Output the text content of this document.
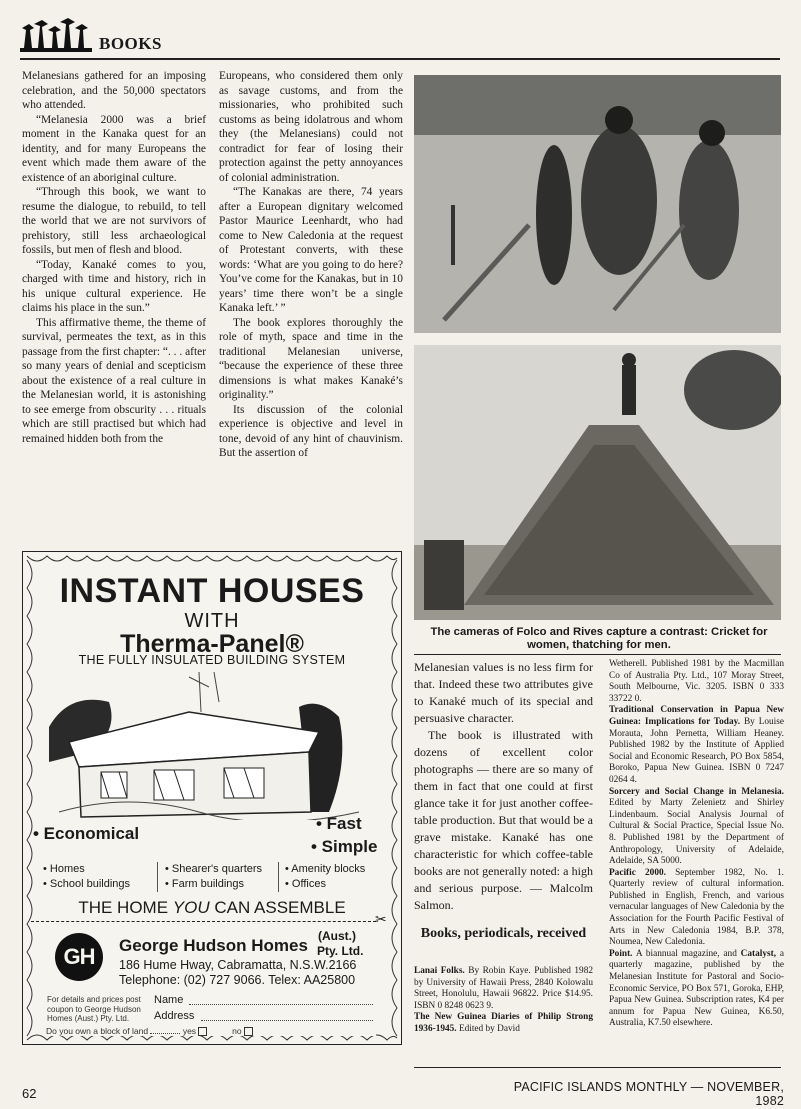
BOOKS

Melanesians gathered for an imposing celebration, and the 50,000 spectators who attended.

“Melanesia 2000 was a brief moment in the Kanaka quest for an identity, and for many Europeans the event which made them aware of the existence of an aboriginal culture.

“Through this book, we want to resume the dialogue, to rebuild, to tell the world that we are not survivors of prehistory, still less archaeological fossils, but men of flesh and blood.

“Today, Kanaké comes to you, charged with time and history, rich in his unique cultural experience. He claims his place in the sun.”

This affirmative theme, the theme of survival, permeates the text, as in this passage from the first chapter: “. . . after so many years of denial and scepticism about the existence of a real culture in the Melanesian world, it is astonishing to see emerge from obscurity . . . rituals which are still practised but which had remained hidden both from the

Europeans, who considered them only as savage customs, and from the missionaries, who prohibited such customs as being idolatrous and whom they (the Melanesians) could not contradict for fear of losing their protection against the petty annoyances of colonial administration.

“The Kanakas are there, 74 years after a European dignitary welcomed Pastor Maurice Leenhardt, who had come to New Caledonia at the request of Protestant converts, with these words: ‘What are you going to do here? You’ve come for the Kanakas, but in 10 years’ time there won’t be a single Kanaka left.’ ”

The book explores thoroughly the role of myth, space and time in the traditional Melanesian universe, “because the experience of these three dimensions is what makes Kanaké’s originality.”

Its discussion of the colonial experience is objective and level in tone, devoid of any hint of chauvinism. But the assertion of

The cameras of Folco and Rives capture a contrast: Cricket for women, thatching for men.

Melanesian values is no less firm for that. Indeed these two attributes give to Kanaké much of its special and persuasive character.

The book is illustrated with dozens of excellent color photographs — there are so many of them in fact that one could at first glance take it for just another coffee-table production. But that would be a grave mistake. Kanaké has one characteristic for which coffee-table books are not generally noted: a high and serious purpose. — Malcolm Salmon.

Books, periodicals, received

Lanai Folks. By Robin Kaye. Published 1982 by University of Hawaii Press, 2840 Kolowalu Street, Honolulu, Hawaii 96822. Price $14.95. ISBN 0 8248 0623 9.

The New Guinea Diaries of Philip Strong 1936-1945. Edited by David

Wetherell. Published 1981 by the Macmillan Co of Australia Pty. Ltd., 107 Moray Street, South Melbourne, Vic. 3205. ISBN 0 333 33722 0.

Traditional Conservation in Papua New Guinea: Implications for Today. By Louise Morauta, John Pernetta, William Heaney. Published 1982 by the Institute of Applied Social and Economic Research, PO Box 5854, Boroko, Papua New Guinea. ISBN 0 7247 0264 4.

Sorcery and Social Change in Melanesia. Edited by Marty Zelenietz and Shirley Lindenbaum. Social Analysis Journal of Cultural & Social Practice, Special Issue No. 8. Published 1981 by the Department of Anthropology, University of Adelaide, Adelaide, SA 5000.

Pacific 2000. September 1982, No. 1. Quarterly review of cultural information. Published in English, French, and various vernacular languages of New Caledonia by the Association for the Fourth Pacific Festival of Arts in New Caledonia 1984, B.P. 378, Noumea, New Caledonia.

Point. A biannual magazine, and Catalyst, a quarterly magazine, published by the Melanesian Institute for Pastoral and Socio-Economic Service, PO Box 571, Goroka, EHP, Papua New Guinea. Subscription rates, K4 per annum for Papua New Guinea, K6.50, Australia, K7.50 elsewhere.

INSTANT HOUSES
WITH
Therma-Panel®
THE FULLY INSULATED BUILDING SYSTEM
• Economical
• Fast
• Simple
• Homes
• School buildings
• Shearer's quarters
• Farm buildings
• Amenity blocks
• Offices
THE HOME YOU CAN ASSEMBLE
✂
GH	George Hudson Homes (Aust.)
Pty. Ltd.
186 Hume Hway, Cabramatta, N.S.W.2166
Telephone: (02) 727 9066. Telex: AA25800
For details and prices post coupon to George Hudson Homes (Aust.) Pty. Ltd.
Name
Address
Do you own a block of land	yes	no
62	PACIFIC ISLANDS MONTHLY — NOVEMBER, 1982
